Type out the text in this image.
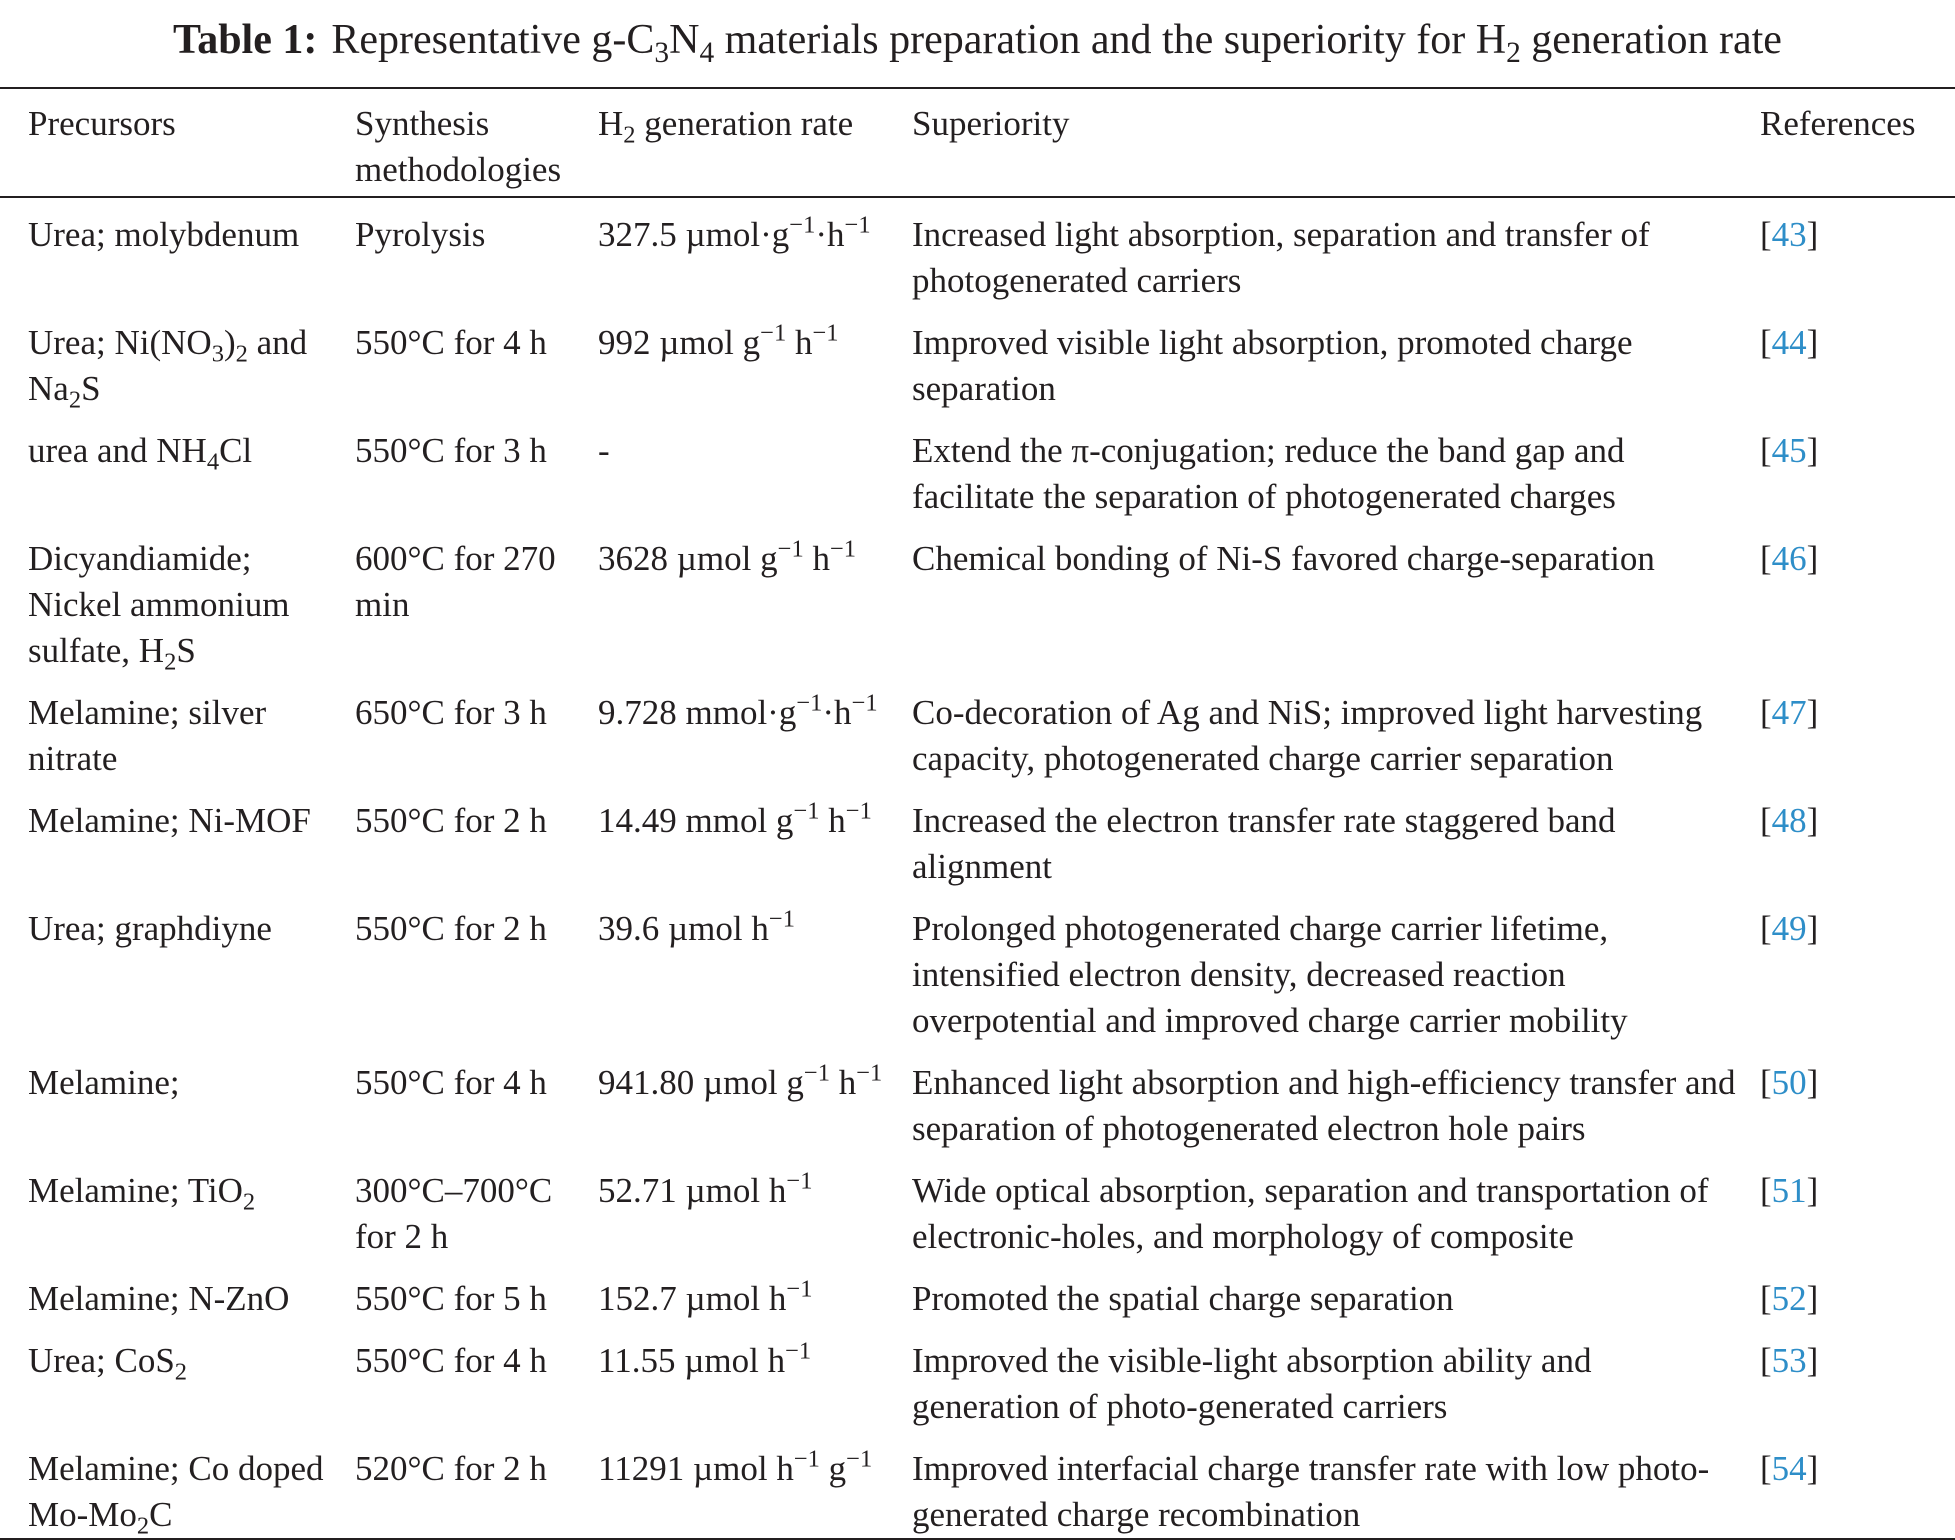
Table 1: Representative $g-C_3N_4$ materials preparation and the superiority for $H_2$ generation rate
Precursors	Synthesis methodologies	$H_2$ generation rate	Superiority	References
Urea; molybdenum	Pyrolysis	327.5 $\mu mol\cdot g^{-1}\cdot h^{-1}$	Increased light absorption, separation and transfer of photogenerated carriers	[43]
Urea; $Ni(NO_3)_2$ and $Na_2S$	550°C for 4 h	992 µmol $g^{-1}$ $h^{-1}$	Improved visible light absorption, promoted charge separation	[44]
urea and $NH_4Cl$	550°C for 3 h	-	Extend the π-conjugation; reduce the band gap and facilitate the separation of photogenerated charges	[45]
Dicyandiamide; Nickel ammonium sulfate, $H_2S$	600°C for 270 min	3628 µmol $g^{-1}$ $h^{-1}$	Chemical bonding of Ni-S favored charge-separation	[46]
Melamine; silver nitrate	650°C for 3 h	9.728 $mmol\cdot g^{-1}\cdot h^{-1}$	Co-decoration of Ag and NiS; improved light harvesting capacity, photogenerated charge carrier separation	[47]
Melamine; Ni-MOF	550°C for 2 h	14.49 mmol $g^{-1}$ $h^{-1}$	Increased the electron transfer rate staggered band alignment	[48]
Urea; graphdiyne	550°C for 2 h	39.6 µmol $h^{-1}$	Prolonged photogenerated charge carrier lifetime, intensified electron density, decreased reaction overpotential and improved charge carrier mobility	[49]
Melamine;	550°C for 4 h	941.80 µmol $g^{-1}$ $h^{-1}$	Enhanced light absorption and high-efficiency transfer and separation of photogenerated electron hole pairs	[50]
Melamine; TiO$_2$	300°C–700°C for 2 h	52.71 µmol $h^{-1}$	Wide optical absorption, separation and transportation of electronic-holes, and morphology of composite	[51]
Melamine; N-ZnO	550°C for 5 h	152.7 µmol $h^{-1}$	Promoted the spatial charge separation	[52]
Urea; CoS$_2$	550°C for 4 h	11.55 µmol $h^{-1}$	Improved the visible-light absorption ability and generation of photo-generated carriers	[53]
Melamine; Co doped $Mo-Mo_2C$	520°C for 2 h	11291 µmol $h^{-1}$ $g^{-1}$	Improved interfacial charge transfer rate with low photo-generated charge recombination	[54]
